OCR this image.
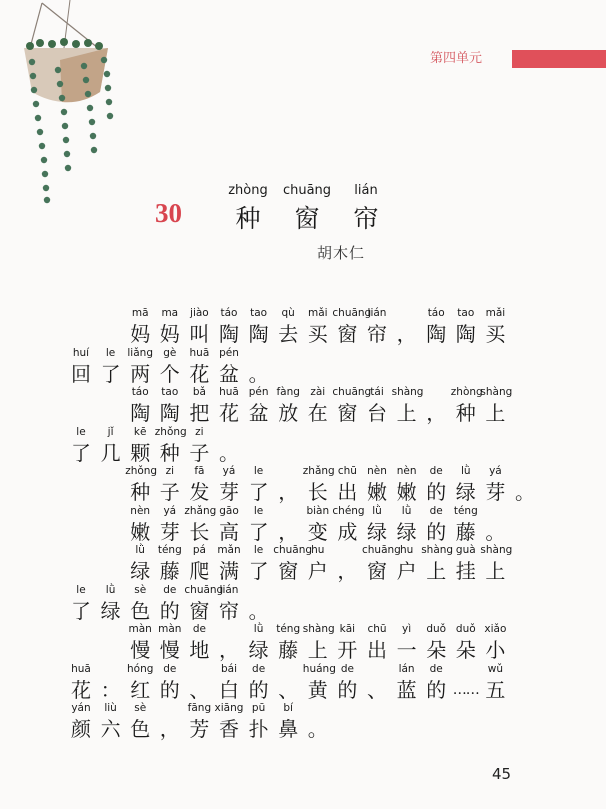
第四单元
30
zhòng	chuāng	lián
种	窗	帘
胡木仁
mā
妈
ma
妈
jiào
叫
táo
陶
tao
陶
qù
去
mǎi
买
chuāng
窗
lián
帘 ，
táo
陶
tao
陶
mǎi
买
huí
回
le
了
liǎng
两
gè
个
huā
花
pén
盆 。
táo
陶
tao
陶
bǎ
把
huā
花
pén
盆
fàng
放
zài
在
chuāng
窗
tái
台
shàng
上 ，
zhòng
种
shàng
上
le
了
jǐ
几
kē
颗
zhǒng
种
zi
子 。
zhǒng
种
zi
子
fā
发
yá
芽
le
了 ，
zhǎng
长
chū
出
nèn
嫩
nèn
嫩
de
的
lǜ
绿
yá
芽 。
nèn
嫩
yá
芽
zhǎng
长
gāo
高
le
了 ，
biàn
变
chéng
成
lǜ
绿
lǜ
绿
de
的
téng
藤 。
lǜ
绿
téng
藤
pá
爬
mǎn
满
le
了
chuāng
窗
hu
户 ，
chuāng
窗
hu
户
shàng
上
guà
挂
shàng
上
le
了
lǜ
绿
sè
色
de
的
chuāng
窗
lián
帘 。
màn
慢
màn
慢
de
地 ，
lǜ
绿
téng
藤
shàng
上
kāi
开
chū
出
yì
一
duǒ
朵
duǒ
朵
xiǎo
小
huā
花 ：
hóng
红
de
的 、
bái
白
de
的 、
huáng
黄
de
的 、
lán
蓝
de
的 ……
wǔ
五
yán
颜
liù
六
sè
色 ，
fāng
芳
xiāng
香
pū
扑
bí
鼻 。
45
